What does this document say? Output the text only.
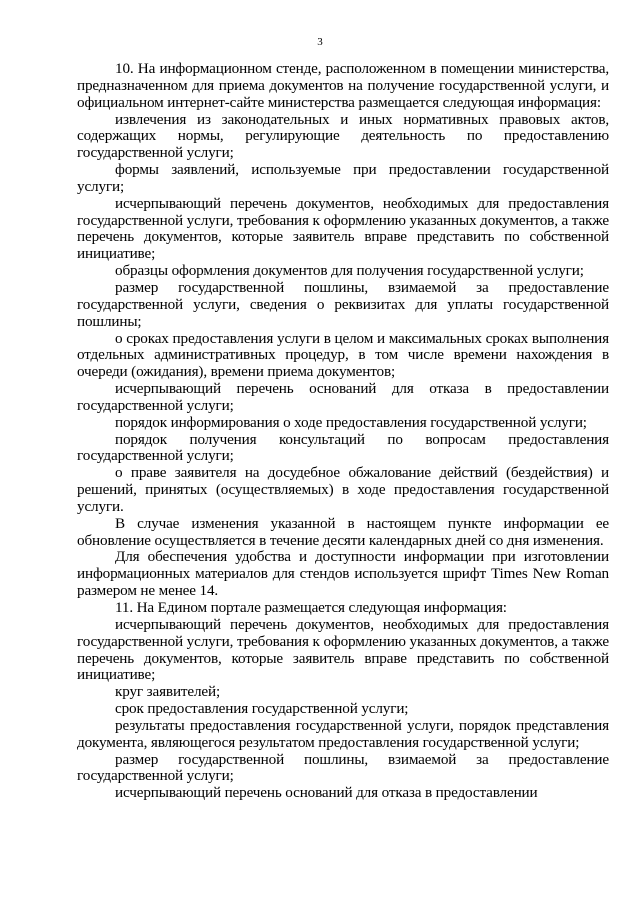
3

10. На информационном стенде, расположенном в помещении министерства, предназначенном для приема документов на получение государственной услуги, и официальном интернет-сайте министерства размещается следующая информация:

извлечения из законодательных и иных нормативных правовых актов, содержащих нормы, регулирующие деятельность по предоставлению государственной услуги;

формы заявлений, используемые при предоставлении государственной услуги;

исчерпывающий перечень документов, необходимых для предоставления государственной услуги, требования к оформлению указанных документов, а также перечень документов, которые заявитель вправе представить по собственной инициативе;

образцы оформления документов для получения государственной услуги;

размер государственной пошлины, взимаемой за предоставление государственной услуги, сведения о реквизитах для уплаты государственной пошлины;

о сроках предоставления услуги в целом и максимальных сроках выполнения отдельных административных процедур, в том числе времени нахождения в очереди (ожидания), времени приема документов;

исчерпывающий перечень оснований для отказа в предоставлении государственной услуги;

порядок информирования о ходе предоставления государственной услуги;

порядок получения консультаций по вопросам предоставления государственной услуги;

о праве заявителя на досудебное обжалование действий (бездействия) и решений, принятых (осуществляемых) в ходе предоставления государственной услуги.

В случае изменения указанной в настоящем пункте информации ее обновление осуществляется в течение десяти календарных дней со дня изменения.

Для обеспечения удобства и доступности информации при изготовлении информационных материалов для стендов используется шрифт Times New Roman размером не менее 14.

11. На Едином портале размещается следующая информация:

исчерпывающий перечень документов, необходимых для предоставления государственной услуги, требования к оформлению указанных документов, а также перечень документов, которые заявитель вправе представить по собственной инициативе;

круг заявителей;

срок предоставления государственной услуги;

результаты предоставления государственной услуги, порядок представления документа, являющегося результатом предоставления государственной услуги;

размер государственной пошлины, взимаемой за предоставление государственной услуги;

исчерпывающий перечень оснований для отказа в предоставлении
